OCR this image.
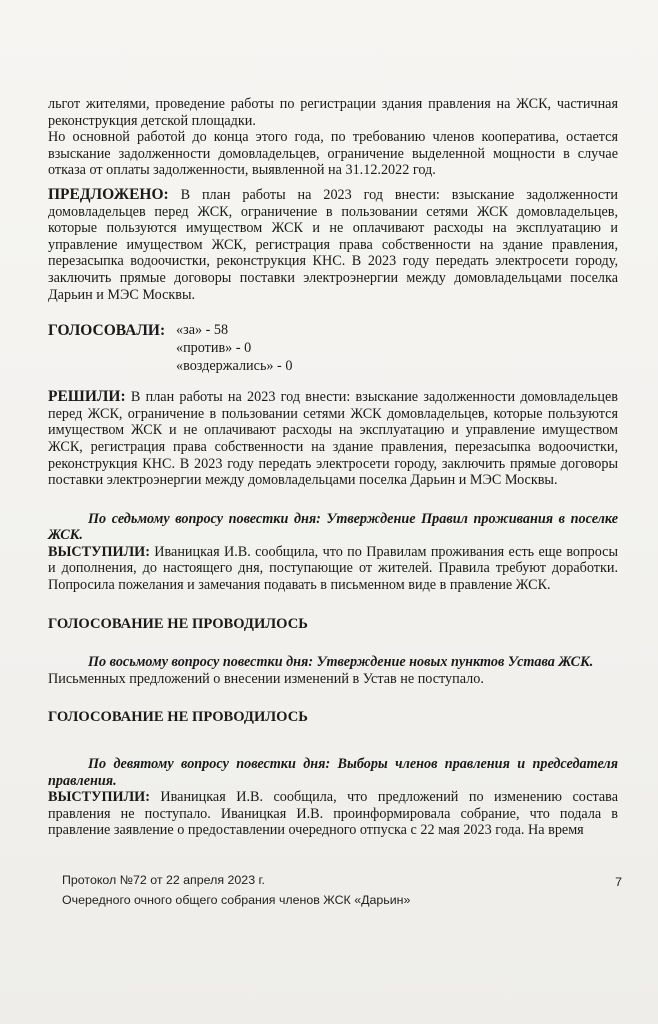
льгот жителями, проведение работы по регистрации здания правления на ЖСК, частичная реконструкция детской площадки.

Но основной работой до конца этого года, по требованию членов кооператива, остается взыскание задолженности домовладельцев, ограничение выделенной мощности в случае отказа от оплаты задолженности, выявленной на 31.12.2022 год.

ПРЕДЛОЖЕНО: В план работы на 2023 год внести: взыскание задолженности домовладельцев перед ЖСК, ограничение в пользовании сетями ЖСК домовладельцев, которые пользуются имуществом ЖСК и не оплачивают расходы на эксплуатацию и управление имуществом ЖСК, регистрация права собственности на здание правления, перезасыпка водоочистки, реконструкция КНС. В 2023 году передать электросети городу, заключить прямые договоры поставки электроэнергии между домовладельцами поселка Дарьин и МЭС Москвы.

ГОЛОСОВАЛИ: «за» - 58
«против» - 0
«воздержались» - 0

РЕШИЛИ: В план работы на 2023 год внести: взыскание задолженности домовладельцев перед ЖСК, ограничение в пользовании сетями ЖСК домовладельцев, которые пользуются имуществом ЖСК и не оплачивают расходы на эксплуатацию и управление имуществом ЖСК, регистрация права собственности на здание правления, перезасыпка водоочистки, реконструкция КНС. В 2023 году передать электросети городу, заключить прямые договоры поставки электроэнергии между домовладельцами поселка Дарьин и МЭС Москвы.

По седьмому вопросу повестки дня: Утверждение Правил проживания в поселке ЖСК.

ВЫСТУПИЛИ: Иваницкая И.В. сообщила, что по Правилам проживания есть еще вопросы и дополнения, до настоящего дня, поступающие от жителей. Правила требуют доработки. Попросила пожелания и замечания подавать в письменном виде в правление ЖСК.

ГОЛОСОВАНИЕ НЕ ПРОВОДИЛОСЬ

По восьмому вопросу повестки дня: Утверждение новых пунктов Устава ЖСК.

Письменных предложений о внесении изменений в Устав не поступало.

ГОЛОСОВАНИЕ НЕ ПРОВОДИЛОСЬ

По девятому вопросу повестки дня: Выборы членов правления и председателя правления.

ВЫСТУПИЛИ: Иваницкая И.В. сообщила, что предложений по изменению состава правления не поступало. Иваницкая И.В. проинформировала собрание, что подала в правление заявление о предоставлении очередного отпуска с 22 мая 2023 года. На время

Протокол №72 от 22 апреля 2023 г.
Очередного очного общего собрания членов ЖСК «Дарьин»
7
